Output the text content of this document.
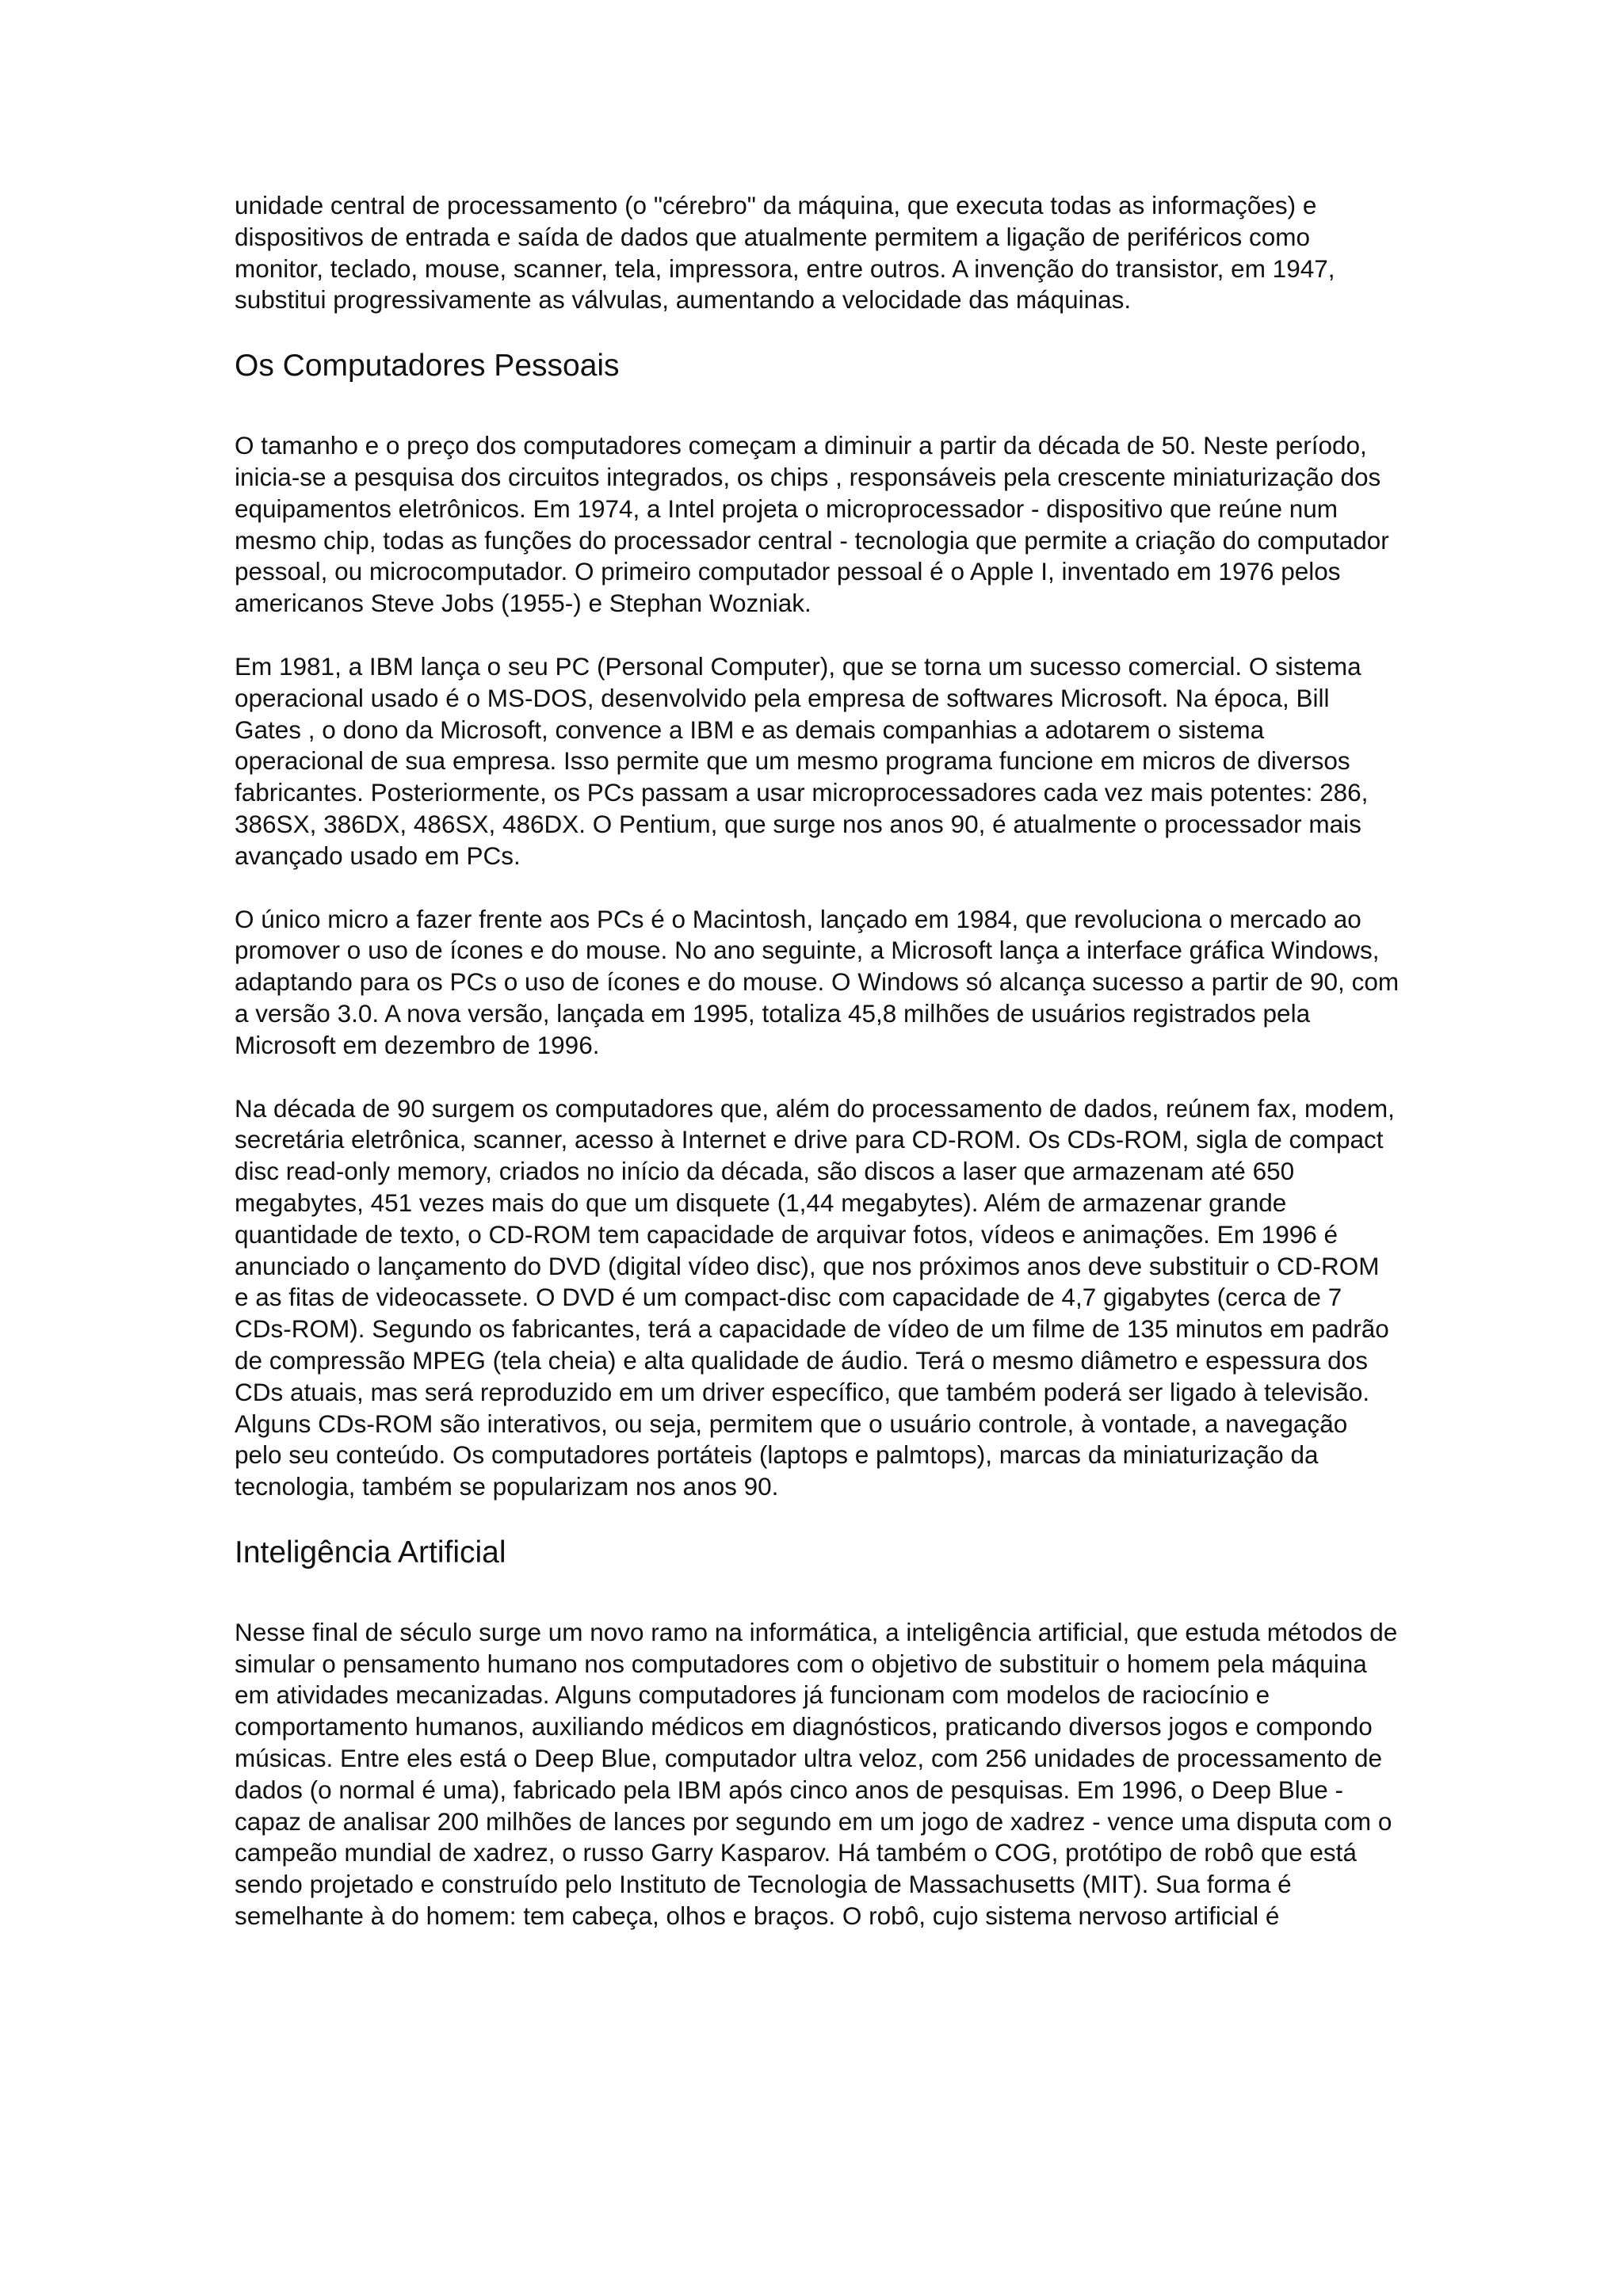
unidade central de processamento (o "cérebro" da máquina, que executa todas as informações) e dispositivos de entrada e saída de dados que atualmente permitem a ligação de periféricos como monitor, teclado, mouse, scanner, tela, impressora, entre outros. A invenção do transistor, em 1947, substitui progressivamente as válvulas, aumentando a velocidade das máquinas.

Os Computadores Pessoais

O tamanho e o preço dos computadores começam a diminuir a partir da década de 50. Neste período, inicia-se a pesquisa dos circuitos integrados, os chips , responsáveis pela crescente miniaturização dos equipamentos eletrônicos. Em 1974, a Intel projeta o microprocessador - dispositivo que reúne num mesmo chip, todas as funções do processador central - tecnologia que permite a criação do computador pessoal, ou microcomputador. O primeiro computador pessoal é o Apple I, inventado em 1976 pelos americanos Steve Jobs (1955-) e Stephan Wozniak.

Em 1981, a IBM lança o seu PC (Personal Computer), que se torna um sucesso comercial. O sistema operacional usado é o MS-DOS, desenvolvido pela empresa de softwares Microsoft. Na época, Bill Gates , o dono da Microsoft, convence a IBM e as demais companhias a adotarem o sistema operacional de sua empresa. Isso permite que um mesmo programa funcione em micros de diversos fabricantes. Posteriormente, os PCs passam a usar microprocessadores cada vez mais potentes: 286, 386SX, 386DX, 486SX, 486DX. O Pentium, que surge nos anos 90, é atualmente o processador mais avançado usado em PCs.

O único micro a fazer frente aos PCs é o Macintosh, lançado em 1984, que revoluciona o mercado ao promover o uso de ícones e do mouse. No ano seguinte, a Microsoft lança a interface gráfica Windows, adaptando para os PCs o uso de ícones e do mouse. O Windows só alcança sucesso a partir de 90, com a versão 3.0. A nova versão, lançada em 1995, totaliza 45,8 milhões de usuários registrados pela Microsoft em dezembro de 1996.

Na década de 90 surgem os computadores que, além do processamento de dados, reúnem fax, modem, secretária eletrônica, scanner, acesso à Internet e drive para CD-ROM. Os CDs-ROM, sigla de compact disc read-only memory, criados no início da década, são discos a laser que armazenam até 650 megabytes, 451 vezes mais do que um disquete (1,44 megabytes). Além de armazenar grande quantidade de texto, o CD-ROM tem capacidade de arquivar fotos, vídeos e animações. Em 1996 é anunciado o lançamento do DVD (digital vídeo disc), que nos próximos anos deve substituir o CD-ROM e as fitas de videocassete. O DVD é um compact-disc com capacidade de 4,7 gigabytes (cerca de 7 CDs-ROM). Segundo os fabricantes, terá a capacidade de vídeo de um filme de 135 minutos em padrão de compressão MPEG (tela cheia) e alta qualidade de áudio. Terá o mesmo diâmetro e espessura dos CDs atuais, mas será reproduzido em um driver específico, que também poderá ser ligado à televisão. Alguns CDs-ROM são interativos, ou seja, permitem que o usuário controle, à vontade, a navegação pelo seu conteúdo. Os computadores portáteis (laptops e palmtops), marcas da miniaturização da tecnologia, também se popularizam nos anos 90.

Inteligência Artificial

Nesse final de século surge um novo ramo na informática, a inteligência artificial, que estuda métodos de simular o pensamento humano nos computadores com o objetivo de substituir o homem pela máquina em atividades mecanizadas. Alguns computadores já funcionam com modelos de raciocínio e comportamento humanos, auxiliando médicos em diagnósticos, praticando diversos jogos e compondo músicas. Entre eles está o Deep Blue, computador ultra veloz, com 256 unidades de processamento de dados (o normal é uma), fabricado pela IBM após cinco anos de pesquisas. Em 1996, o Deep Blue - capaz de analisar 200 milhões de lances por segundo em um jogo de xadrez - vence uma disputa com o campeão mundial de xadrez, o russo Garry Kasparov. Há também o COG, protótipo de robô que está sendo projetado e construído pelo Instituto de Tecnologia de Massachusetts (MIT). Sua forma é semelhante à do homem: tem cabeça, olhos e braços. O robô, cujo sistema nervoso artificial é
